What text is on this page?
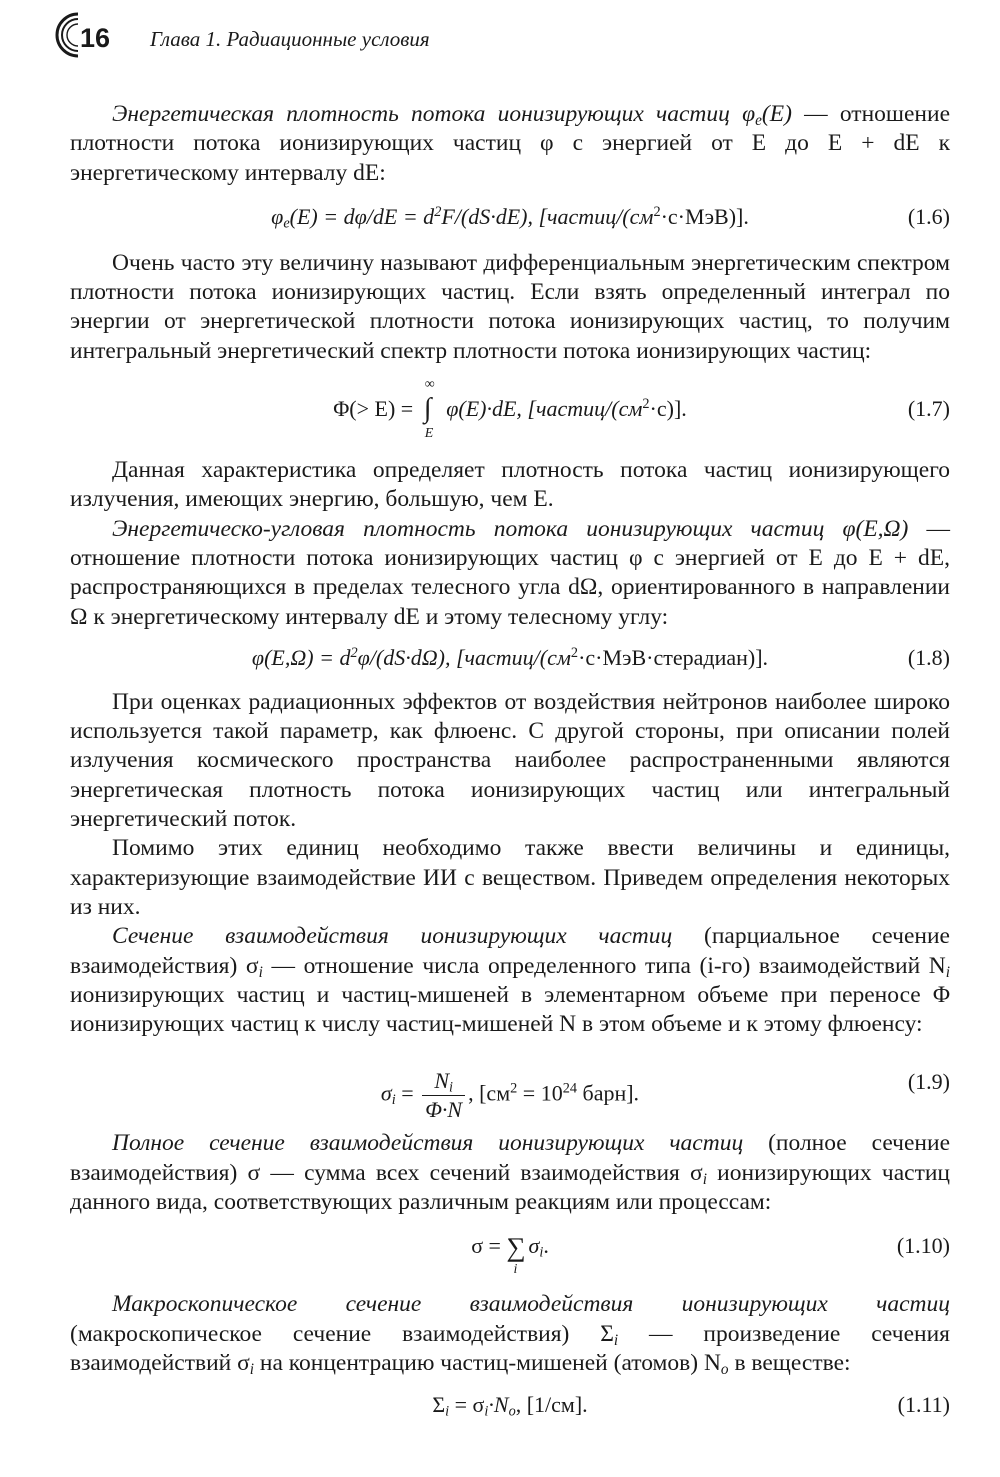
16 Глава 1. Радиационные условия

Энергетическая плотность потока ионизирующих частиц $\varphi_e(E)$ — отношение плотности потока ионизирующих частиц φ с энергией от E до E + dE к энергетическому интервалу dE:

$\varphi_e(E) = d\varphi/dE = d^2F/(dS\cdot dE)$, $[частиц/(см^2\cdot с\cdot МэВ)]$.	(1.6)

Очень часто эту величину называют дифференциальным энергетическим спектром плотности потока ионизирующих частиц. Если взять определенный интеграл по энергии от энергетической плотности потока ионизирующих частиц, то получим интегральный энергетический спектр плотности потока ионизирующих частиц:

Φ(> E) =
∞
∫
E
φ(E)·dE, $[частиц/(см^2\cdot с)]$.	(1.7)

Данная характеристика определяет плотность потока частиц ионизирующего излучения, имеющих энергию, большую, чем E.

Энергетическо-угловая плотность потока ионизирующих частиц φ(E,Ω) — отношение плотности потока ионизирующих частиц φ с энергией от E до E + dE, распространяющихся в пределах телесного угла dΩ, ориентированного в направлении Ω к энергетическому интервалу dE и этому телесному углу:

$\varphi(E,\Omega) = d^2\varphi/(dS\cdot d\Omega)$, $[частиц/(см^2\cdot с\cdot МэВ\cdot стерадиан)]$.	(1.8)

При оценках радиационных эффектов от воздействия нейтронов наиболее широко используется такой параметр, как флюенс. С другой стороны, при описании полей излучения космического пространства наиболее распространенными являются энергетическая плотность потока ионизирующих частиц или интегральный энергетический поток.

Помимо этих единиц необходимо также ввести величины и единицы, характеризующие взаимодействие ИИ с веществом. Приведем определения некоторых из них.

Сечение взаимодействия ионизирующих частиц (парциальное сечение взаимодействия) $\sigma_i$ — отношение числа определенного типа (i-го) взаимодействий $N_i$ ионизирующих частиц и частиц-мишеней в элементарном объеме при переносе Φ ионизирующих частиц к числу частиц-мишеней N в этом объеме и к этому флюенсу:

$\sigma_i = \frac{N_i}{\Phi\cdot N}$ , [$см^2 = 10^{24}$ барн].	(1.9)

Полное сечение взаимодействия ионизирующих частиц (полное сечение взаимодействия) σ — сумма всех сечений взаимодействия $\sigma_i$ ионизирующих частиц данного вида, соответствующих различным реакциям или процессам:

σ = ∑
i
$\sigma_i$.	(1.10)

Макроскопическое сечение взаимодействия ионизирующих частиц (макроскопическое сечение взаимодействия) $\Sigma_i$ — произведение сечения взаимодействий $\sigma_i$ на концентрацию частиц-мишеней (атомов) $N_o$ в веществе:

$\Sigma_i = \sigma_i\cdot N_o$, [1/см].	(1.11)
